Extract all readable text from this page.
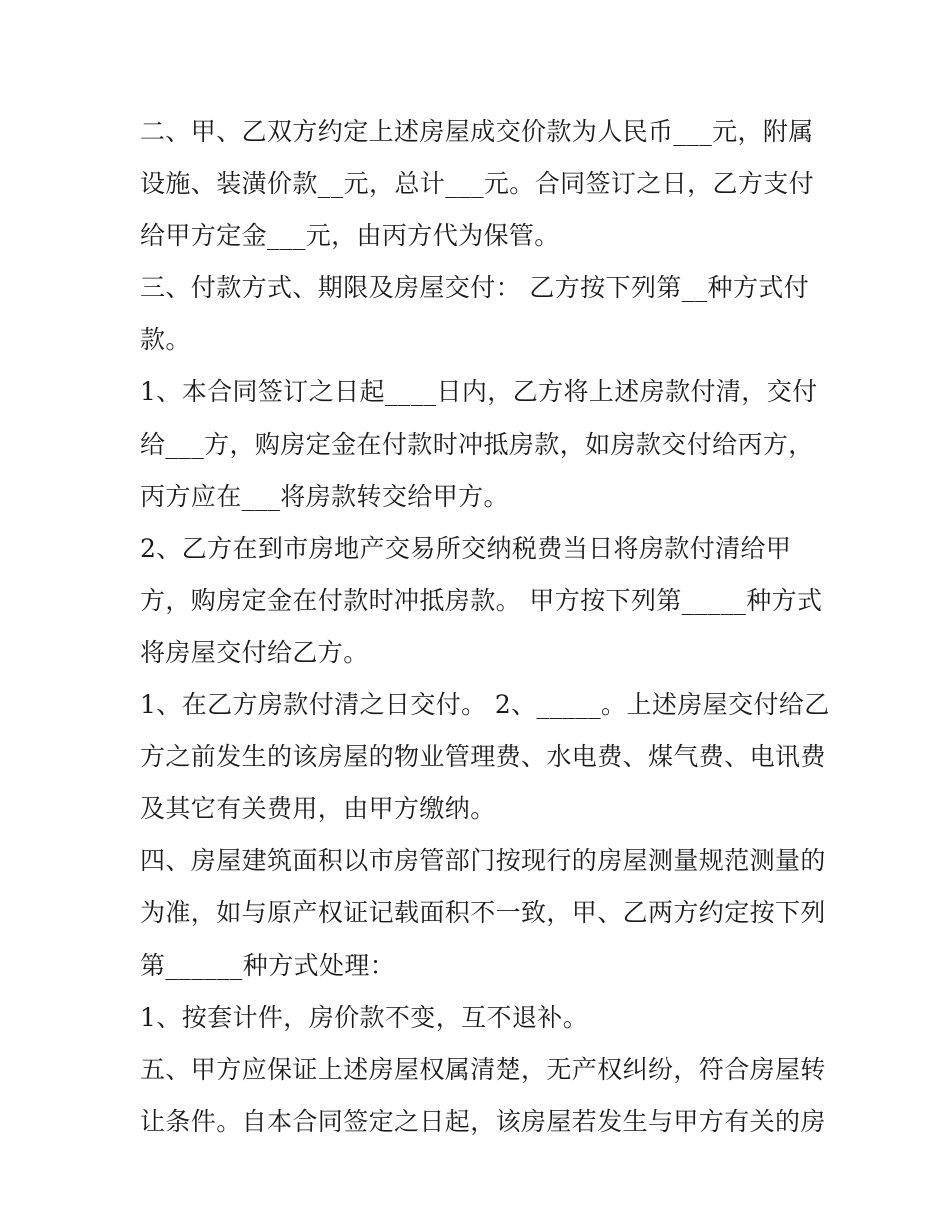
二、甲、乙双方约定上述房屋成交价款为人民币___元，附属
设施、装潢价款__元，总计___元。合同签订之日，乙方支付
给甲方定金___元，由丙方代为保管。
三、付款方式、期限及房屋交付： 乙方按下列第__种方式付
款。
1、本合同签订之日起____日内，乙方将上述房款付清，交付
给___方，购房定金在付款时冲抵房款，如房款交付给丙方，
丙方应在___将房款转交给甲方。
2、乙方在到市房地产交易所交纳税费当日将房款付清给甲
方，购房定金在付款时冲抵房款。 甲方按下列第_____种方式
将房屋交付给乙方。
1、在乙方房款付清之日交付。 2、_____。上述房屋交付给乙
方之前发生的该房屋的物业管理费、水电费、煤气费、电讯费
及其它有关费用，由甲方缴纳。
四、房屋建筑面积以市房管部门按现行的房屋测量规范测量的
为准，如与原产权证记载面积不一致，甲、乙两方约定按下列
第______种方式处理：
1、按套计件，房价款不变，互不退补。
五、甲方应保证上述房屋权属清楚，无产权纠纷，符合房屋转
让条件。自本合同签定之日起，该房屋若发生与甲方有关的房
